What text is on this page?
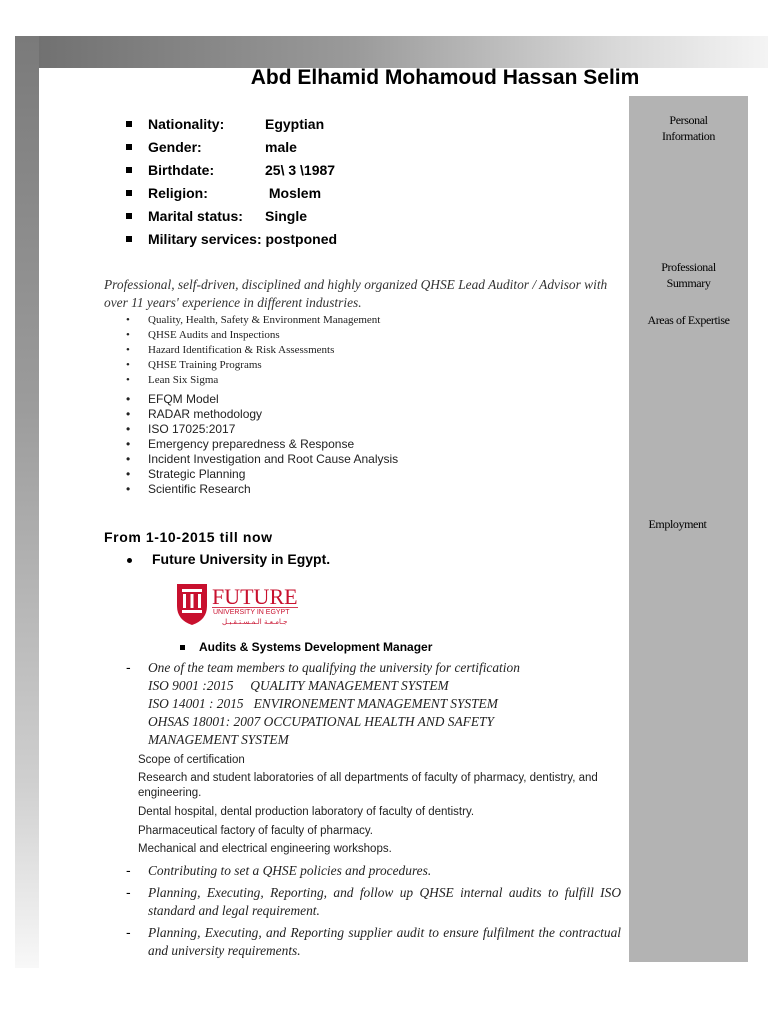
Personal
Information
Professional
Summary
Areas of Expertise
Employment
Abd Elhamid Mohamoud Hassan Selim
Nationality:	Egyptian
Gender:	male
Birthdate:	25\ 3 \1987
Religion:	Moslem
Marital status:	Single
Military services: postponed
Professional, self-driven, disciplined and highly organized QHSE Lead Auditor / Advisor with over 11 years' experience in different industries.
• Quality, Health, Safety & Environment Management
• QHSE Audits and Inspections
• Hazard Identification & Risk Assessments
• QHSE Training Programs
• Lean Six Sigma
• EFQM Model
• RADAR methodology
• ISO 17025:2017
• Emergency preparedness & Response
• Incident Investigation and Root Cause Analysis
• Strategic Planning
• Scientific Research
From 1-10-2015 till now
Future University in Egypt.
FUTURE
UNIVERSITY IN EGYPT
جـامـعـة الـمـسـتـقـبـل
Audits & Systems Development Manager
- One of the team members to qualifying the university for certification
ISO 9001 :2015     QUALITY MANAGEMENT SYSTEM
ISO 14001 : 2015   ENVIRONEMENT MANAGEMENT SYSTEM
OHSAS 18001: 2007 OCCUPATIONAL HEALTH AND SAFETY
MANAGEMENT SYSTEM
Scope of certification
Research and student laboratories of all departments of faculty of pharmacy, dentistry, and engineering.
Dental hospital, dental production laboratory of faculty of dentistry.
Pharmaceutical factory of faculty of pharmacy.
Mechanical and electrical engineering workshops.
- Contributing to set a QHSE policies and procedures.
- Planning, Executing, Reporting, and follow up QHSE internal audits to fulfill ISO standard and legal requirement.
- Planning, Executing, and Reporting supplier audit to ensure fulfilment the contractual and university requirements.
